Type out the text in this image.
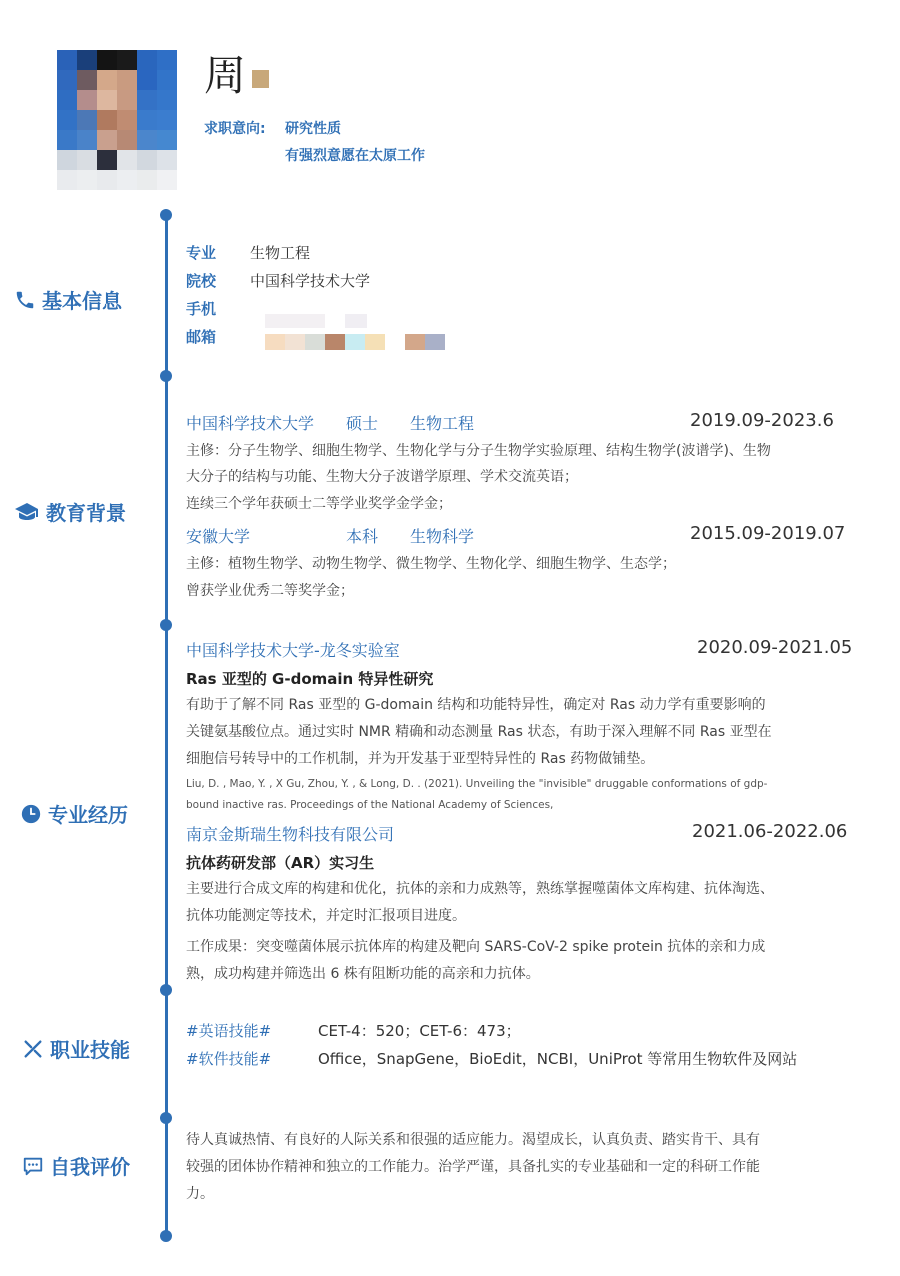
周
求职意向: 研究性质
有强烈意愿在太原工作
基本信息
教育背景
专业经历
职业技能
自我评价
专业 生物工程
院校 中国科学技术大学
手机
邮箱
中国科学技术大学 硕士 生物工程	2019.09-2023.6
主修：分子生物学、细胞生物学、生物化学与分子生物学实验原理、结构生物学(波谱学)、生物
大分子的结构与功能、生物大分子波谱学原理、学术交流英语；
连续三个学年获硕士二等学业奖学金学金；
安徽大学	本科 生物科学	2015.09-2019.07
主修：植物生物学、动物生物学、微生物学、生物化学、细胞生物学、生态学；
曾获学业优秀二等奖学金；
中国科学技术大学-龙冬实验室	2020.09-2021.05
Ras 亚型的 G-domain 特异性研究
有助于了解不同 Ras 亚型的 G-domain 结构和功能特异性，确定对 Ras 动力学有重要影响的
关键氨基酸位点。通过实时 NMR 精确和动态测量 Ras 状态，有助于深入理解不同 Ras 亚型在
细胞信号转导中的工作机制，并为开发基于亚型特异性的 Ras 药物做铺垫。
Liu, D. , Mao, Y. , X Gu, Zhou, Y. , & Long, D. . (2021). Unveiling the "invisible" druggable conformations of gdp-
bound inactive ras. Proceedings of the National Academy of Sciences,
南京金斯瑞生物科技有限公司	2021.06-2022.06
抗体药研发部（AR）实习生
主要进行合成文库的构建和优化，抗体的亲和力成熟等，熟练掌握噬菌体文库构建、抗体淘选、
抗体功能测定等技术，并定时汇报项目进度。
工作成果：突变噬菌体展示抗体库的构建及靶向 SARS-CoV-2 spike protein 抗体的亲和力成
熟，成功构建并筛选出 6 株有阻断功能的高亲和力抗体。
#英语技能#	CET-4：520；CET-6：473；
#软件技能#	Office，SnapGene，BioEdit，NCBI，UniProt 等常用生物软件及网站
待人真诚热情、有良好的人际关系和很强的适应能力。渴望成长，认真负责、踏实肯干、具有
较强的团体协作精神和独立的工作能力。治学严谨，具备扎实的专业基础和一定的科研工作能
力。
